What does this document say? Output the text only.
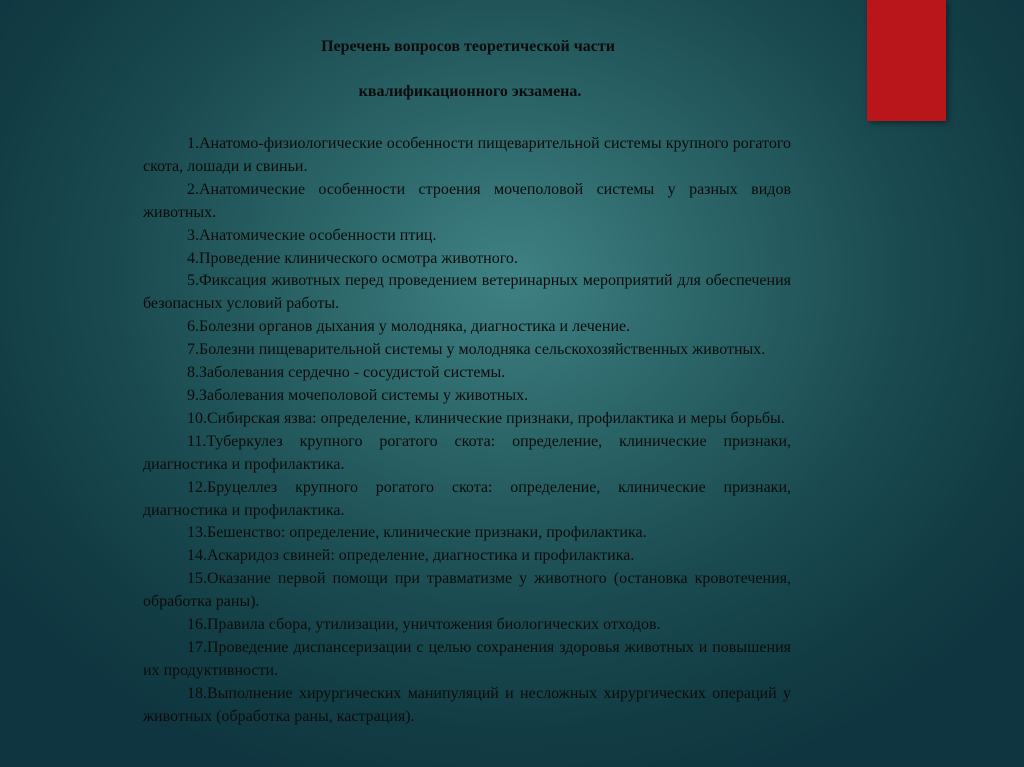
Перечень вопросов теоретической части
квалификационного экзамена.

1.Анатомо-физиологические особенности пищеварительной системы крупного рогатого скота, лошади и свиньи.

2.Анатомические особенности строения мочеполовой системы у разных видов животных.

3.Анатомические особенности птиц.

4.Проведение клинического осмотра животного.

5.Фиксация животных перед проведением ветеринарных мероприятий для обеспечения безопасных условий работы.

6.Болезни органов дыхания у молодняка, диагностика и лечение.

7.Болезни пищеварительной системы у молодняка сельскохозяйственных животных.

8.Заболевания сердечно - сосудистой системы.

9.Заболевания мочеполовой системы у животных.

10.Сибирская язва: определение, клинические признаки, профилактика и меры борьбы.

11.Туберкулез крупного рогатого скота: определение, клинические признаки, диагностика и профилактика.

12.Бруцеллез крупного рогатого скота: определение, клинические признаки, диагностика и профилактика.

13.Бешенство: определение, клинические признаки, профилактика.

14.Аскаридоз свиней: определение, диагностика и профилактика.

15.Оказание первой помощи при травматизме у животного (остановка кровотечения, обработка раны).

16.Правила сбора, утилизации, уничтожения биологических отходов.

17.Проведение диспансеризации с целью сохранения здоровья животных и повышения их продуктивности.

18.Выполнение хирургических манипуляций и несложных хирургических операций у животных (обработка раны, кастрация).
